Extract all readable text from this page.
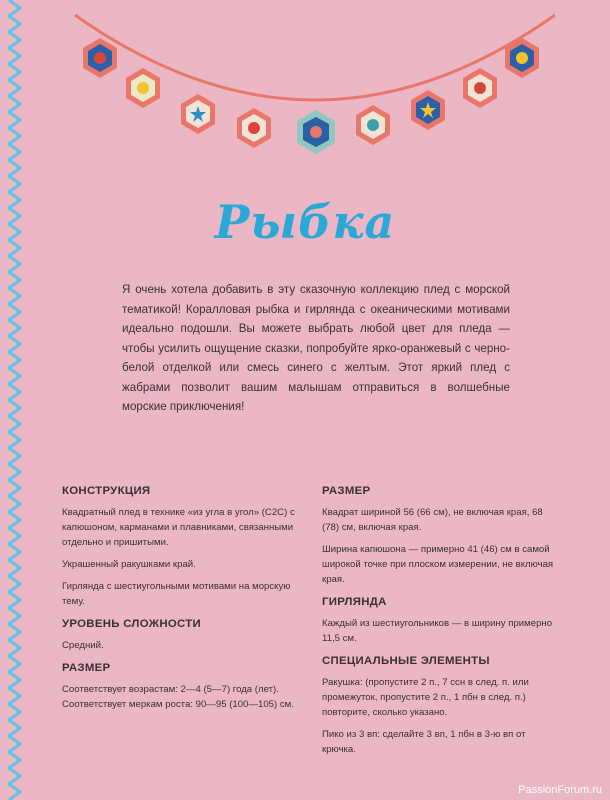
Рыбка
Я очень хотела добавить в эту сказочную коллекцию плед с морской тематикой! Коралловая рыбка и гирлянда с океаническими мотивами идеально подошли. Вы можете выбрать любой цвет для пледа — чтобы усилить ощущение сказки, попробуйте ярко-оранжевый с черно-белой отделкой или смесь синего с желтым. Этот яркий плед с жабрами позволит вашим малышам отправиться в волшебные морские приключения!
КОНСТРУКЦИЯ
Квадратный плед в технике «из угла в угол» (С2С) с капюшоном, карманами и плавниками, связанными отдельно и пришитыми.
Украшенный ракушками край.
Гирлянда с шестиугольными мотивами на морскую тему.
УРОВЕНЬ СЛОЖНОСТИ
Средний.
РАЗМЕР
Соответствует возрастам: 2—4 (5—7) года (лет).
Соответствует меркам роста: 90—95 (100—105) см.
РАЗМЕР
Квадрат шириной 56 (66 см), не включая края, 68 (78) см, включая края.
Ширина капюшона — примерно 41 (46) см в самой широкой точке при плоском измерении, не включая края.
ГИРЛЯНДА
Каждый из шестиугольников — в ширину примерно 11,5 см.
СПЕЦИАЛЬНЫЕ ЭЛЕМЕНТЫ
Ракушка: (пропустите 2 п., 7 ссн в след. п. или промежуток, пропустите 2 п., 1 пбн в след. п.) повторите, сколько указано.
Пико из 3 вп: сделайте 3 вп, 1 пбн в 3-ю вп от крючка.
PassionForum.ru
